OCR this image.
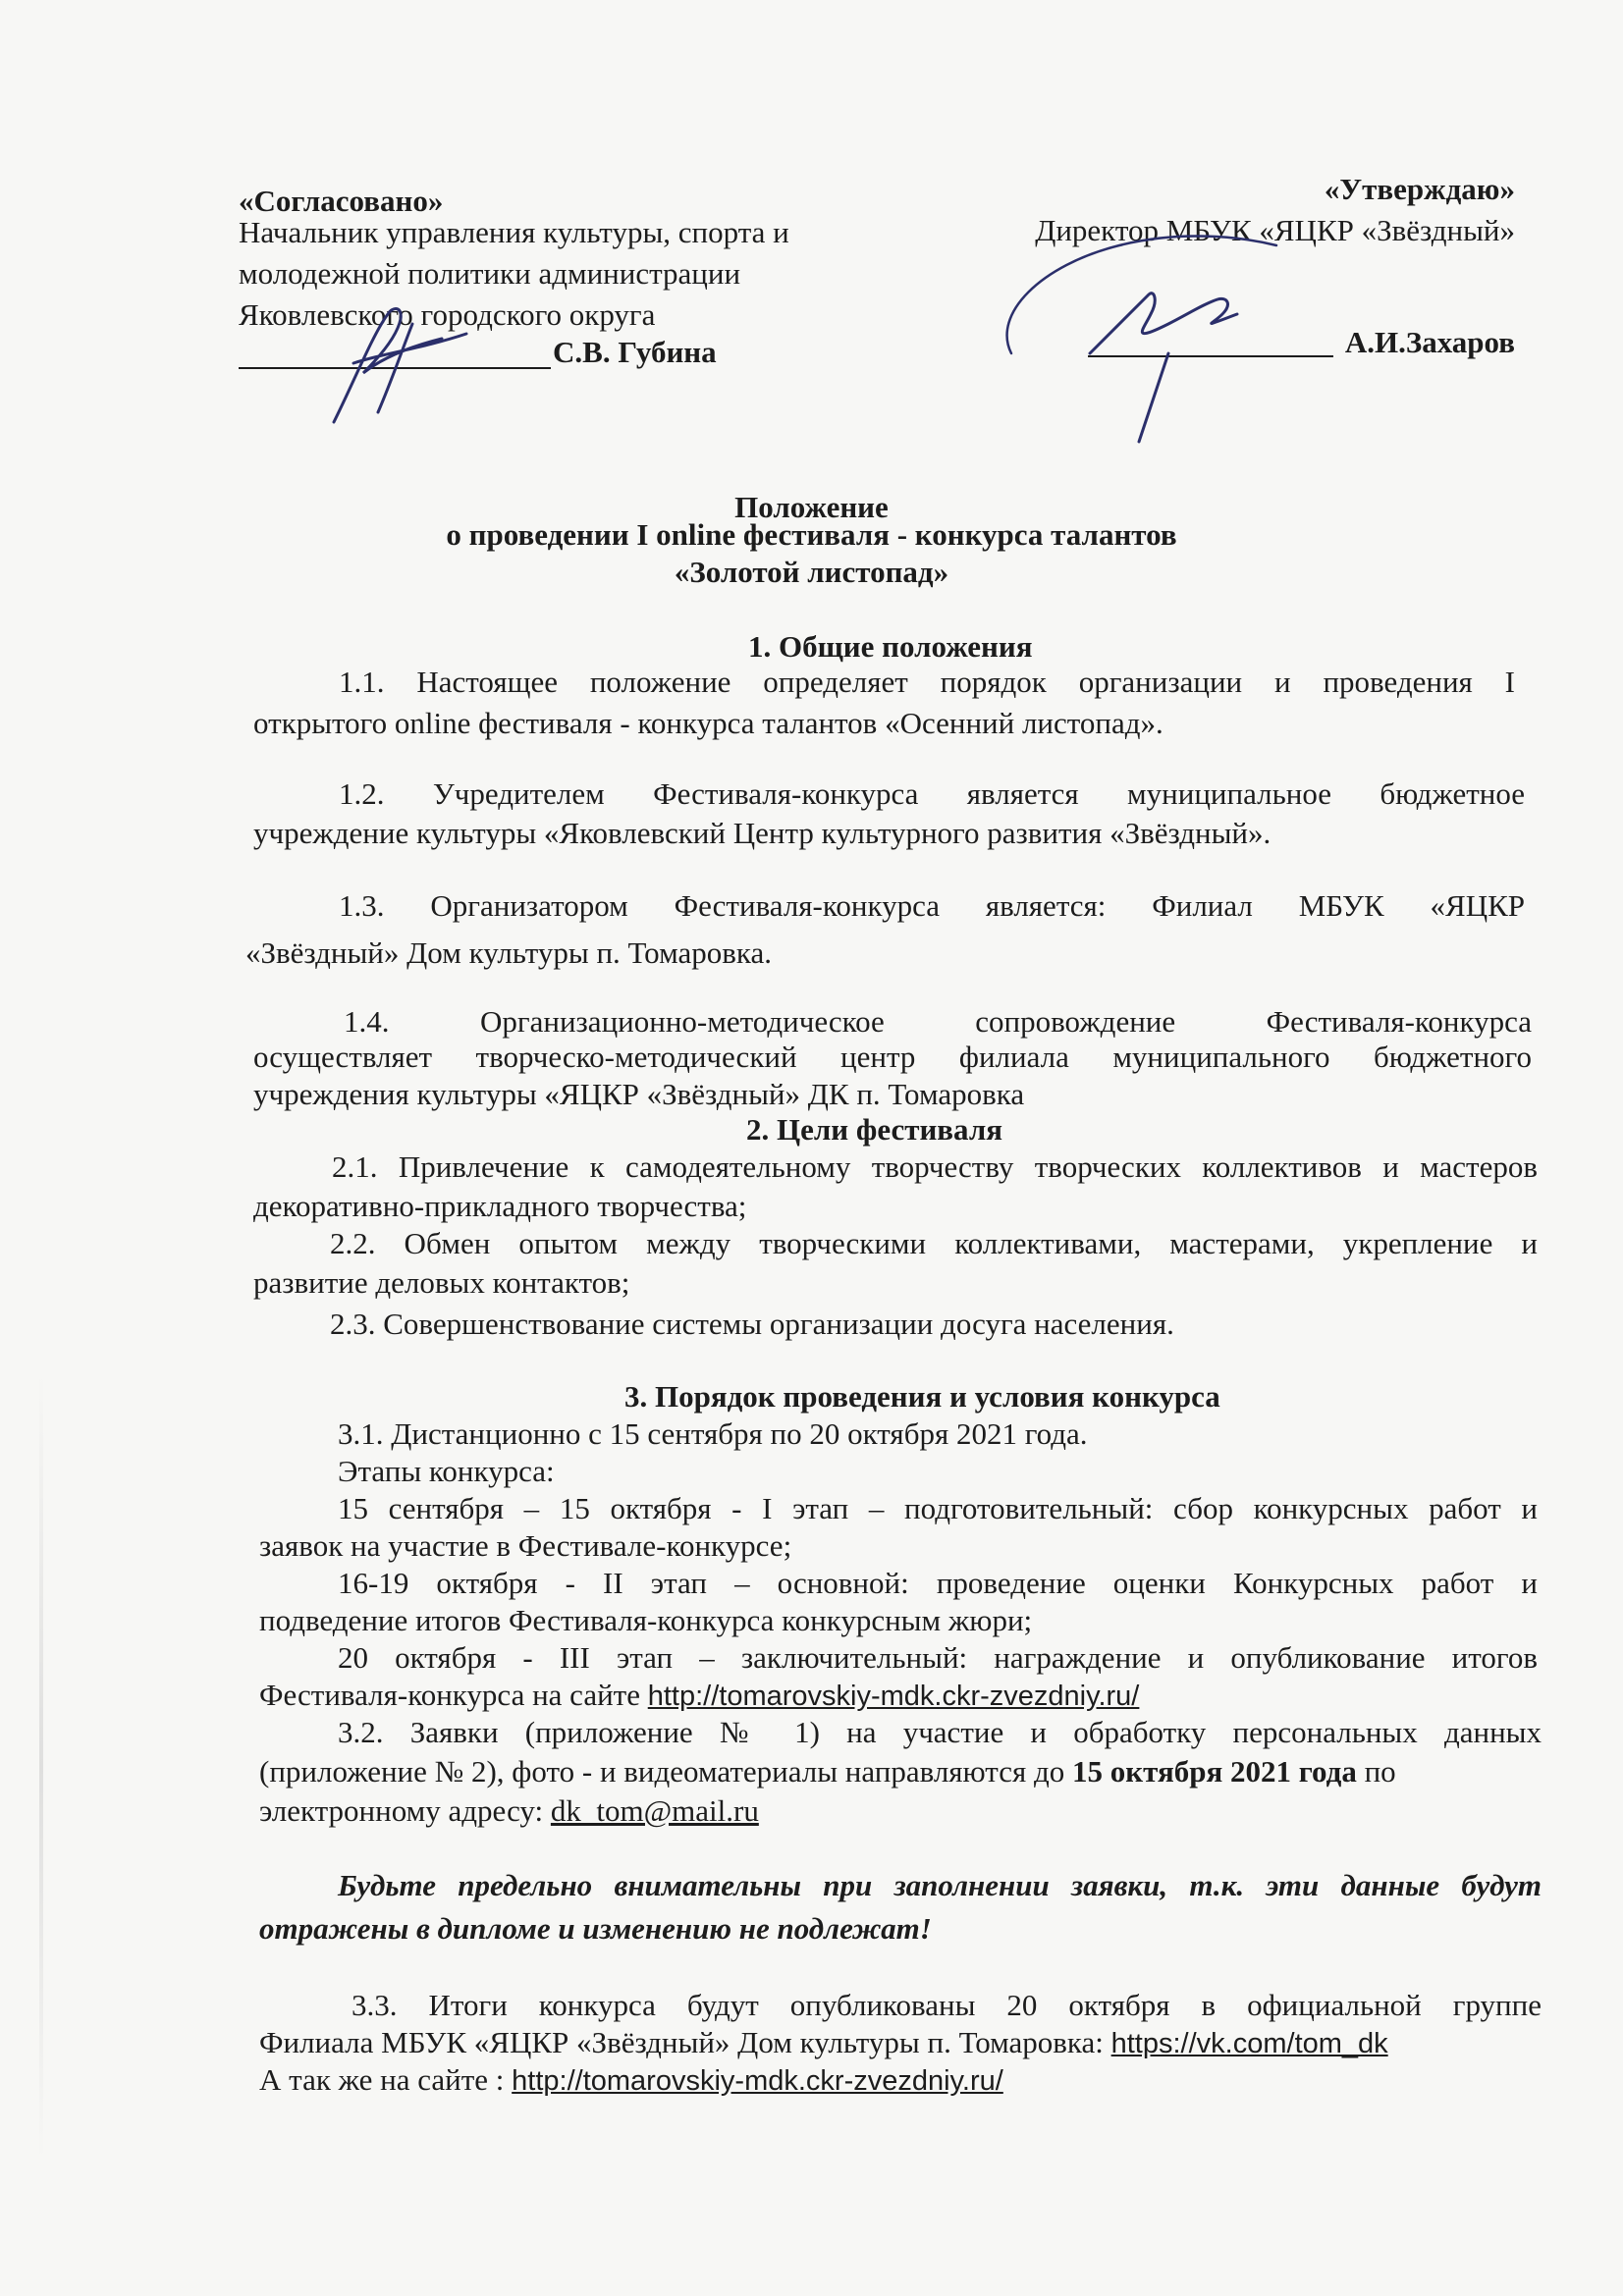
«Согласовано»
Начальник управления культуры, спорта и
молодежной политики администрации
Яковлевского городского округа
С.В. Губина
«Утверждаю»
Директор МБУК «ЯЦКР «Звёздный»
А.И.Захаров
Положение
о проведении I online фестиваля - конкурса талантов
«Золотой листопад»
1. Общие положения
1.1. Настоящее положение определяет порядок организации и проведения I
открытого online фестиваля - конкурса талантов «Осенний листопад».
1.2. Учредителем Фестиваля-конкурса является муниципальное бюджетное
учреждение культуры «Яковлевский Центр культурного развития «Звёздный».
1.3. Организатором Фестиваля-конкурса является: Филиал МБУК «ЯЦКР
«Звёздный» Дом культуры п. Томаровка.
1.4. Организационно-методическое сопровождение Фестиваля-конкурса
осуществляет творческо-методический центр филиала муниципального бюджетного
учреждения культуры «ЯЦКР «Звёздный» ДК п. Томаровка
2. Цели фестиваля
2.1. Привлечение к самодеятельному творчеству творческих коллективов и мастеров
декоративно-прикладного творчества;
2.2. Обмен опытом между творческими коллективами, мастерами, укрепление и
развитие деловых контактов;
2.3. Совершенствование системы организации досуга населения.
3. Порядок проведения и условия конкурса
3.1. Дистанционно с 15 сентября по 20 октября 2021 года.
Этапы конкурса:
15 сентября – 15 октября - I этап – подготовительный: сбор конкурсных работ и
заявок на участие в Фестивале-конкурсе;
16-19 октября - II этап – основной: проведение оценки Конкурсных работ и
подведение итогов Фестиваля-конкурса конкурсным жюри;
20 октября - III этап – заключительный: награждение и опубликование итогов
Фестиваля-конкурса на сайте http://tomarovskiy-mdk.ckr-zvezdniy.ru/
3.2. Заявки (приложение № 1) на участие и обработку персональных данных
(приложение № 2), фото - и видеоматериалы направляются до 15 октября 2021 года по
электронному адресу: dk_tom@mail.ru
Будьте предельно внимательны при заполнении заявки, т.к. эти данные будут
отражены в дипломе и изменению не подлежат!
3.3. Итоги конкурса будут опубликованы 20 октября в официальной группе
Филиала МБУК «ЯЦКР «Звёздный» Дом культуры п. Томаровка: https://vk.com/tom_dk
А так же на сайте : http://tomarovskiy-mdk.ckr-zvezdniy.ru/
